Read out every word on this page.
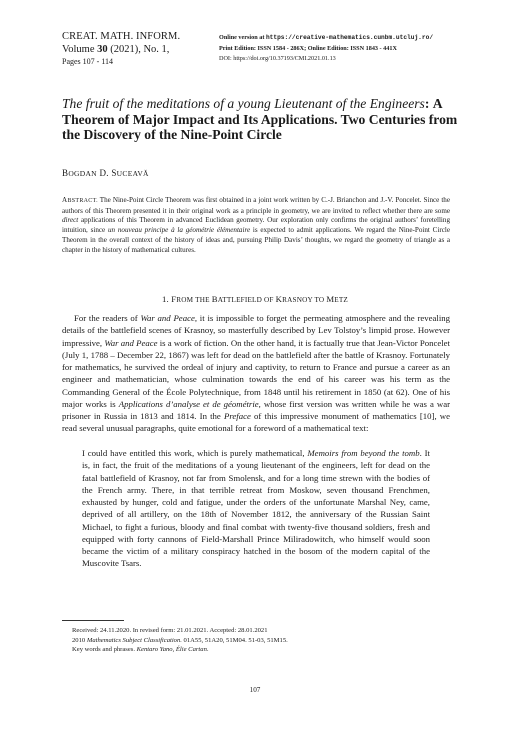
CREAT. MATH. INFORM.
Volume 30 (2021), No. 1,
Pages 107 - 114
Online version at https://creative-mathematics.cunbm.utcluj.ro/
Print Edition: ISSN 1584 - 286X; Online Edition: ISSN 1843 - 441X
DOI: https://doi.org/10.37193/CMI.2021.01.13
The fruit of the meditations of a young Lieutenant of the Engineers: A Theorem of Major Impact and Its Applications. Two Centuries from the Discovery of the Nine-Point Circle
BOGDAN D. SUCEAVĂ
ABSTRACT. The Nine-Point Circle Theorem was first obtained in a joint work written by C.-J. Brianchon and J.-V. Poncelet. Since the authors of this Theorem presented it in their original work as a principle in geometry, we are invited to reflect whether there are some direct applications of this Theorem in advanced Euclidean geometry. Our exploration only confirms the original authors’ foretelling intuition, since un nouveau principe à la géométrie élémentaire is expected to admit applications. We regard the Nine-Point Circle Theorem in the overall context of the history of ideas and, pursuing Philip Davis’ thoughts, we regard the geometry of triangle as a chapter in the history of mathematical cultures.
1. FROM THE BATTLEFIELD OF KRASNOY TO METZ

For the readers of War and Peace, it is impossible to forget the permeating atmosphere and the revealing details of the battlefield scenes of Krasnoy, so masterfully described by Lev Tolstoy’s limpid prose. However impressive, War and Peace is a work of fiction. On the other hand, it is factually true that Jean-Victor Poncelet (July 1, 1788 – December 22, 1867) was left for dead on the battlefield after the battle of Krasnoy. Fortunately for mathematics, he survived the ordeal of injury and captivity, to return to France and pursue a career as an engineer and mathematician, whose culmination towards the end of his career was his term as the Commanding General of the École Polytechnique, from 1848 until his retirement in 1850 (at 62). One of his major works is Applications d’analyse et de géométrie, whose first version was written while he was a war prisoner in Russia in 1813 and 1814. In the Preface of this impressive monument of mathematics [10], we read several unusual paragraphs, quite emotional for a foreword of a mathematical text:

I could have entitled this work, which is purely mathematical, Memoirs from beyond the tomb. It is, in fact, the fruit of the meditations of a young lieutenant of the engineers, left for dead on the fatal battlefield of Krasnoy, not far from Smolensk, and for a long time strewn with the bodies of the French army. There, in that terrible retreat from Moskow, seven thousand Frenchmen, exhausted by hunger, cold and fatigue, under the orders of the unfortunate Marshal Ney, came, deprived of all artillery, on the 18th of November 1812, the anniversary of the Russian Saint Michael, to fight a furious, bloody and final combat with twenty-five thousand soldiers, fresh and equipped with forty cannons of Field-Marshall Prince Miliradowitch, who himself would soon became the victim of a military conspiracy hatched in the bosom of the modern capital of the Muscovite Tsars.

Received: 24.11.2020. In revised form: 21.01.2021. Accepted: 28.01.2021
2010 Mathematics Subject Classification. 01A55, 51A20, 51M04. 51-03, 51M15.
Key words and phrases. Kentaro Yano, Élie Cartan.
107
